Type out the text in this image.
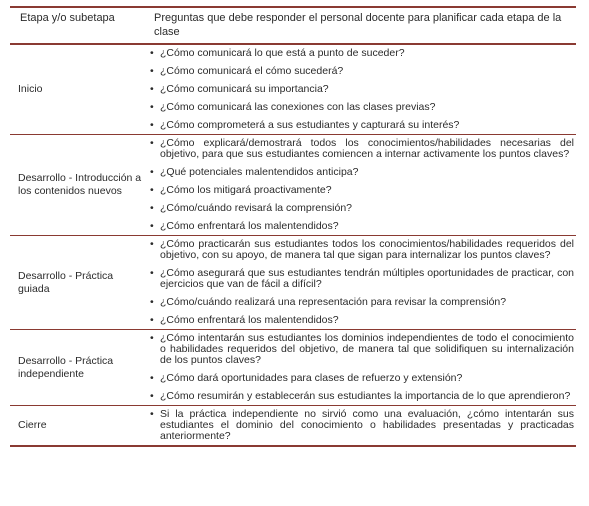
Etapa y/o subetapa	Preguntas que debe responder el personal docente para planificar cada etapa de la clase
Inicio
• ¿Cómo comunicará lo que está a punto de suceder?
• ¿Cómo comunicará el cómo sucederá?
• ¿Cómo comunicará su importancia?
• ¿Cómo comunicará las conexiones con las clases previas?
• ¿Cómo comprometerá a sus estudiantes y capturará su interés?
Desarrollo - Introducción a los contenidos nuevos
• ¿Cómo explicará/demostrará todos los conocimientos/habilidades necesarias del objetivo, para que sus estudiantes comiencen a internar activamente los puntos claves?
• ¿Qué potenciales malentendidos anticipa?
• ¿Cómo los mitigará proactivamente?
• ¿Cómo/cuándo revisará la comprensión?
• ¿Cómo enfrentará los malentendidos?
Desarrollo - Práctica guiada
• ¿Cómo practicarán sus estudiantes todos los conocimientos/habilidades requeridos del objetivo, con su apoyo, de manera tal que sigan para internalizar los puntos claves?
• ¿Cómo asegurará que sus estudiantes tendrán múltiples oportunidades de practicar, con ejercicios que van de fácil a difícil?
• ¿Cómo/cuándo realizará una representación para revisar la comprensión?
• ¿Cómo enfrentará los malentendidos?
Desarrollo - Práctica independiente
• ¿Cómo intentarán sus estudiantes los dominios independientes de todo el conocimiento o habilidades requeridos del objetivo, de manera tal que solidifiquen su internalización de los puntos claves?
• ¿Cómo dará oportunidades para clases de refuerzo y extensión?
• ¿Cómo resumirán y establecerán sus estudiantes la importancia de lo que aprendieron?
Cierre
• Si la práctica independiente no sirvió como una evaluación, ¿cómo intentarán sus estudiantes el dominio del conocimiento o habilidades presentadas y practicadas anteriormente?
